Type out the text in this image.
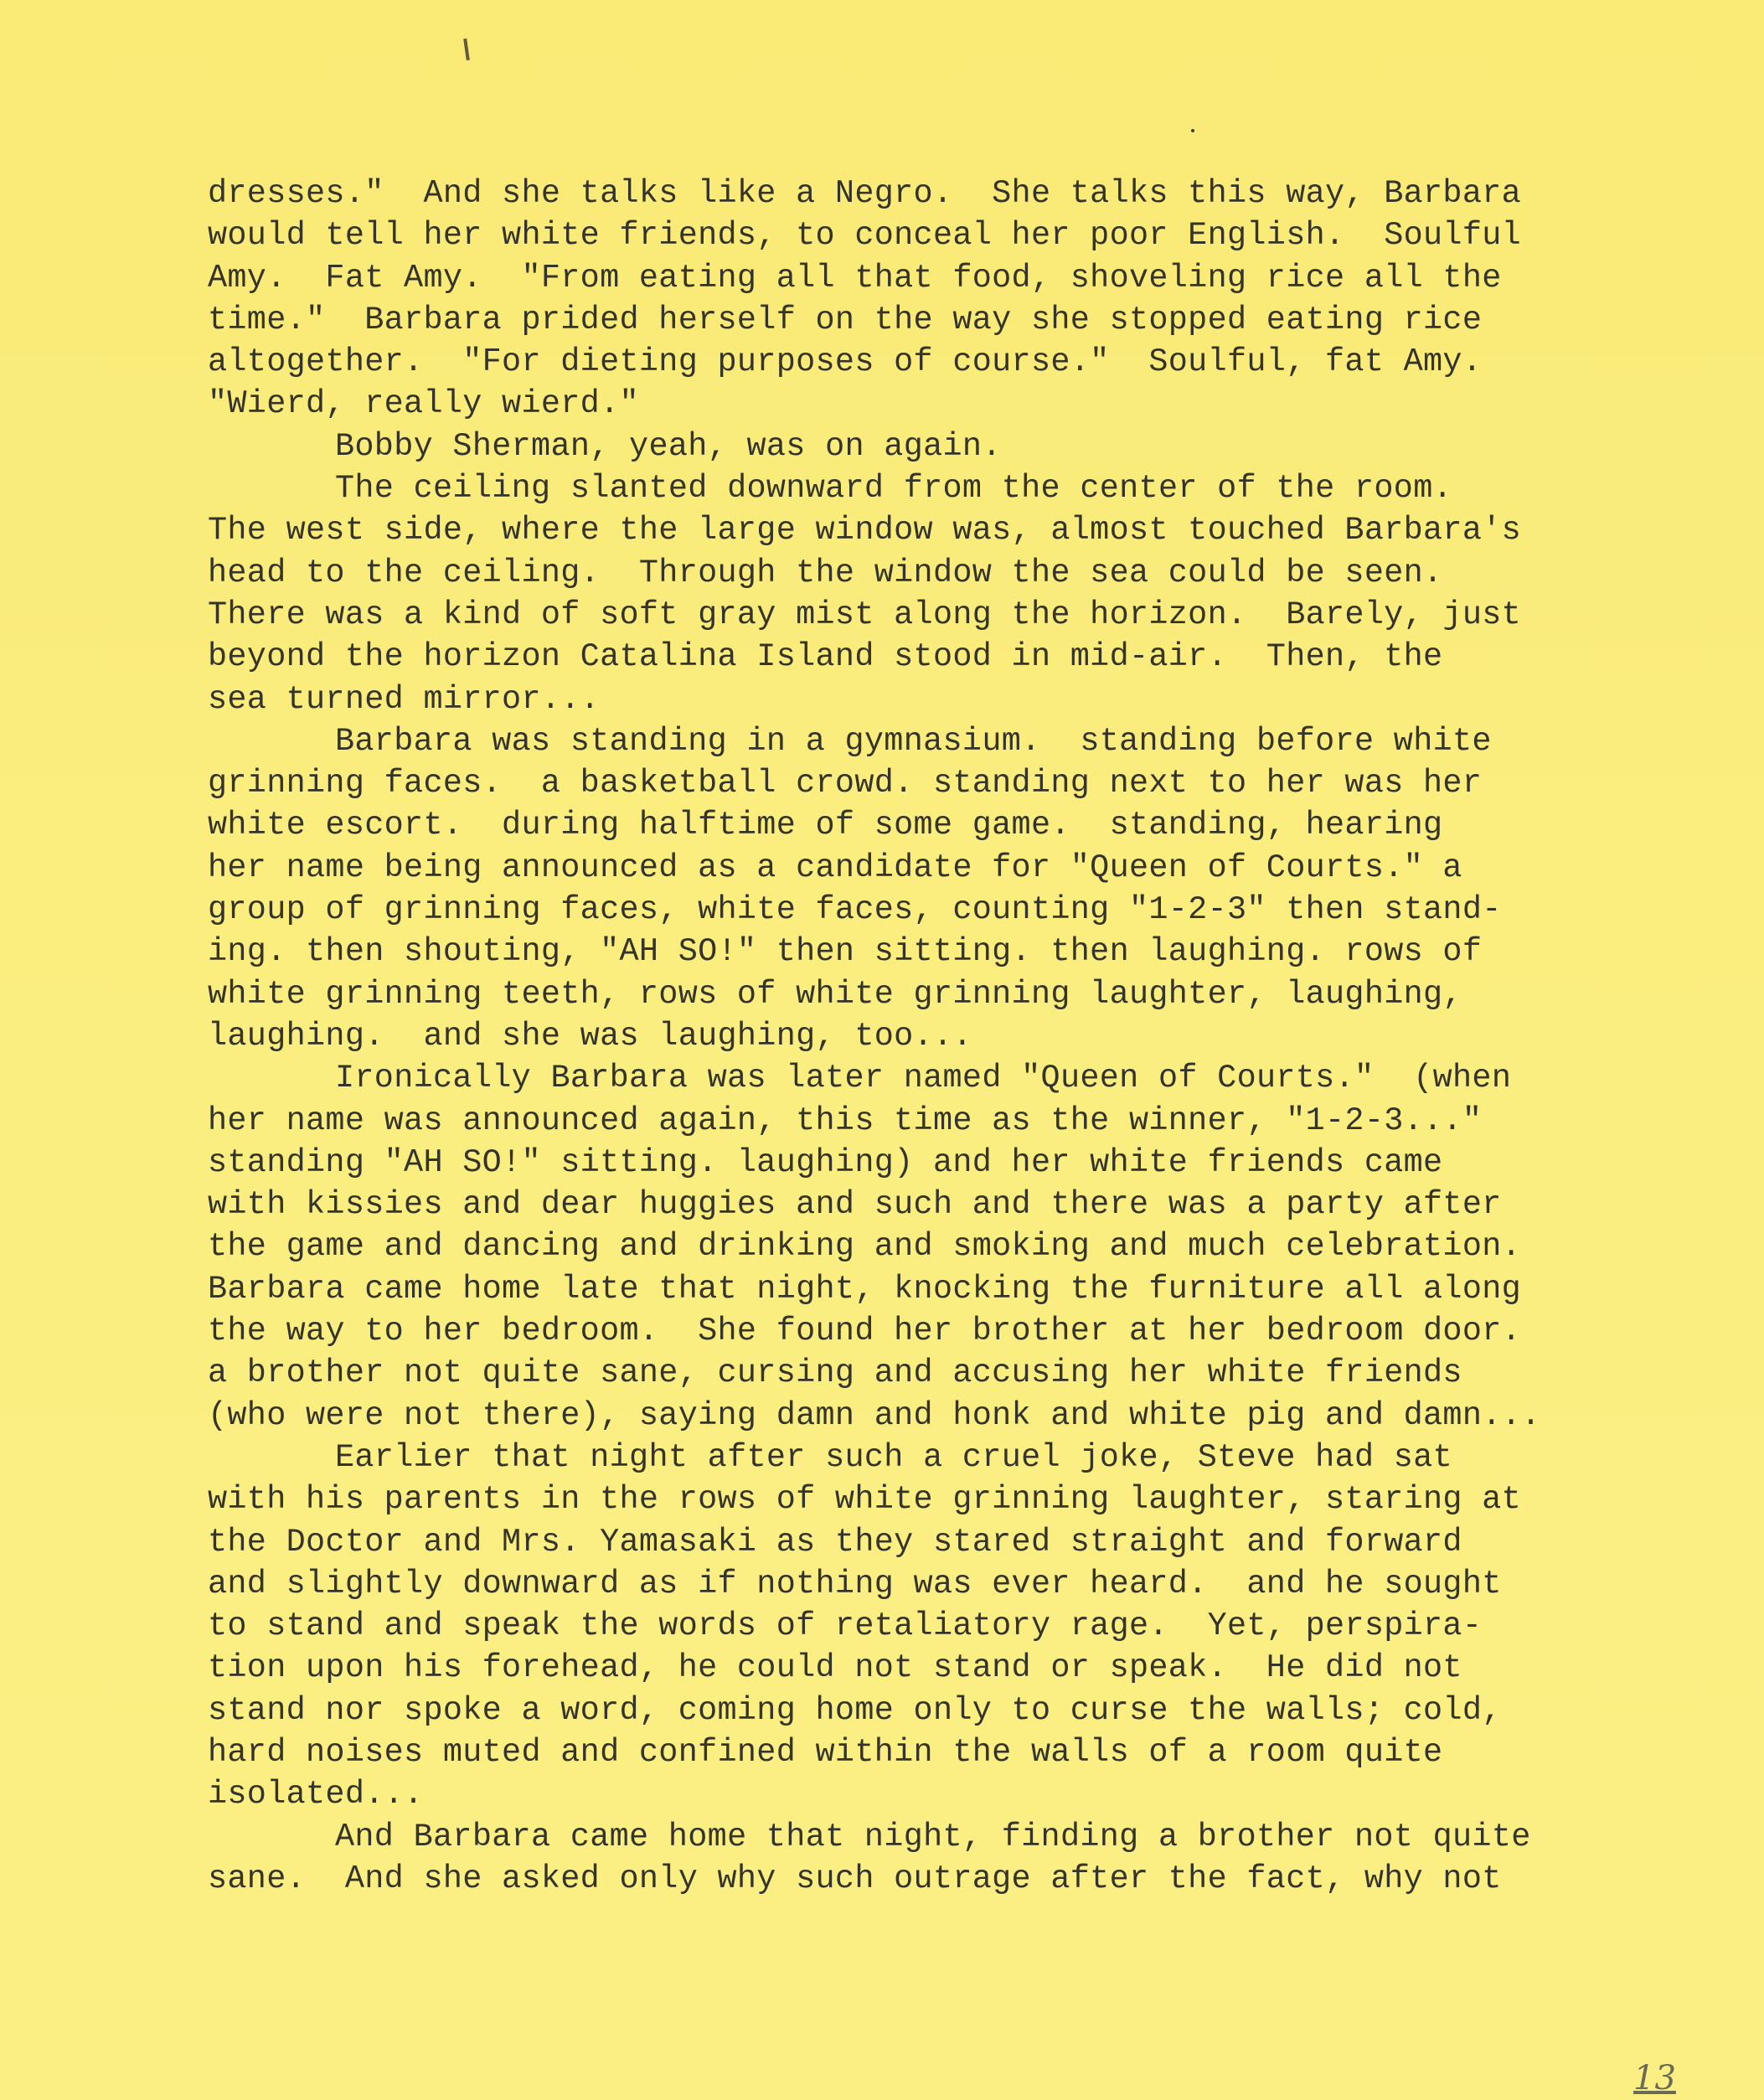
dresses."  And she talks like a Negro.  She talks this way, Barbara
would tell her white friends, to conceal her poor English.  Soulful
Amy.  Fat Amy.  "From eating all that food, shoveling rice all the
time."  Barbara prided herself on the way she stopped eating rice
altogether.  "For dieting purposes of course."  Soulful, fat Amy.
"Wierd, really wierd."
Bobby Sherman, yeah, was on again.
The ceiling slanted downward from the center of the room.
The west side, where the large window was, almost touched Barbara's
head to the ceiling.  Through the window the sea could be seen.
There was a kind of soft gray mist along the horizon.  Barely, just
beyond the horizon Catalina Island stood in mid-air.  Then, the
sea turned mirror...
Barbara was standing in a gymnasium.  standing before white
grinning faces.  a basketball crowd. standing next to her was her
white escort.  during halftime of some game.  standing, hearing
her name being announced as a candidate for "Queen of Courts." a
group of grinning faces, white faces, counting "1-2-3" then stand-
ing. then shouting, "AH SO!" then sitting. then laughing. rows of
white grinning teeth, rows of white grinning laughter, laughing,
laughing.  and she was laughing, too...
Ironically Barbara was later named "Queen of Courts."  (when
her name was announced again, this time as the winner, "1-2-3..."
standing "AH SO!" sitting. laughing) and her white friends came
with kissies and dear huggies and such and there was a party after
the game and dancing and drinking and smoking and much celebration.
Barbara came home late that night, knocking the furniture all along
the way to her bedroom.  She found her brother at her bedroom door.
a brother not quite sane, cursing and accusing her white friends
(who were not there), saying damn and honk and white pig and damn...
Earlier that night after such a cruel joke, Steve had sat
with his parents in the rows of white grinning laughter, staring at
the Doctor and Mrs. Yamasaki as they stared straight and forward
and slightly downward as if nothing was ever heard.  and he sought
to stand and speak the words of retaliatory rage.  Yet, perspira-
tion upon his forehead, he could not stand or speak.  He did not
stand nor spoke a word, coming home only to curse the walls; cold,
hard noises muted and confined within the walls of a room quite
isolated...
And Barbara came home that night, finding a brother not quite
sane.  And she asked only why such outrage after the fact, why not
13
